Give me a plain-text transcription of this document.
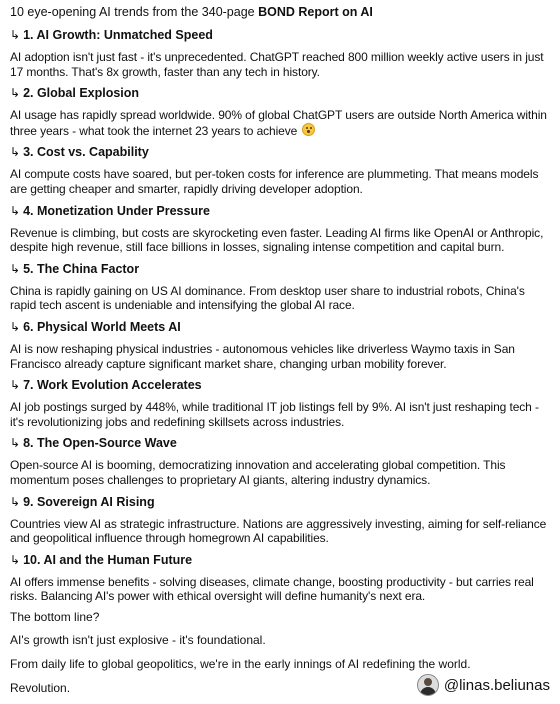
10 eye-opening AI trends from the 340-page BOND Report on AI

↳ 1. AI Growth: Unmatched Speed

AI adoption isn't just fast - it's unprecedented. ChatGPT reached 800 million weekly active users in just 17 months. That's 8x growth, faster than any tech in history.

↳ 2. Global Explosion

AI usage has rapidly spread worldwide. 90% of global ChatGPT users are outside North America within three years - what took the internet 23 years to achieve

↳ 3. Cost vs. Capability

AI compute costs have soared, but per-token costs for inference are plummeting. That means models are getting cheaper and smarter, rapidly driving developer adoption.

↳ 4. Monetization Under Pressure

Revenue is climbing, but costs are skyrocketing even faster. Leading AI firms like OpenAI or Anthropic, despite high revenue, still face billions in losses, signaling intense competition and capital burn.

↳ 5. The China Factor

China is rapidly gaining on US AI dominance. From desktop user share to industrial robots, China's rapid tech ascent is undeniable and intensifying the global AI race.

↳ 6. Physical World Meets AI

AI is now reshaping physical industries - autonomous vehicles like driverless Waymo taxis in San Francisco already capture significant market share, changing urban mobility forever.

↳ 7. Work Evolution Accelerates

AI job postings surged by 448%, while traditional IT job listings fell by 9%. AI isn't just reshaping tech - it's revolutionizing jobs and redefining skillsets across industries.

↳ 8. The Open-Source Wave

Open-source AI is booming, democratizing innovation and accelerating global competition. This momentum poses challenges to proprietary AI giants, altering industry dynamics.

↳ 9. Sovereign AI Rising

Countries view AI as strategic infrastructure. Nations are aggressively investing, aiming for self-reliance and geopolitical influence through homegrown AI capabilities.

↳ 10. AI and the Human Future

AI offers immense benefits - solving diseases, climate change, boosting productivity - but carries real risks. Balancing AI's power with ethical oversight will define humanity's next era.

The bottom line?

AI's growth isn't just explosive - it's foundational.

From daily life to global geopolitics, we're in the early innings of AI redefining the world.

Revolution.	@linas.beliunas
